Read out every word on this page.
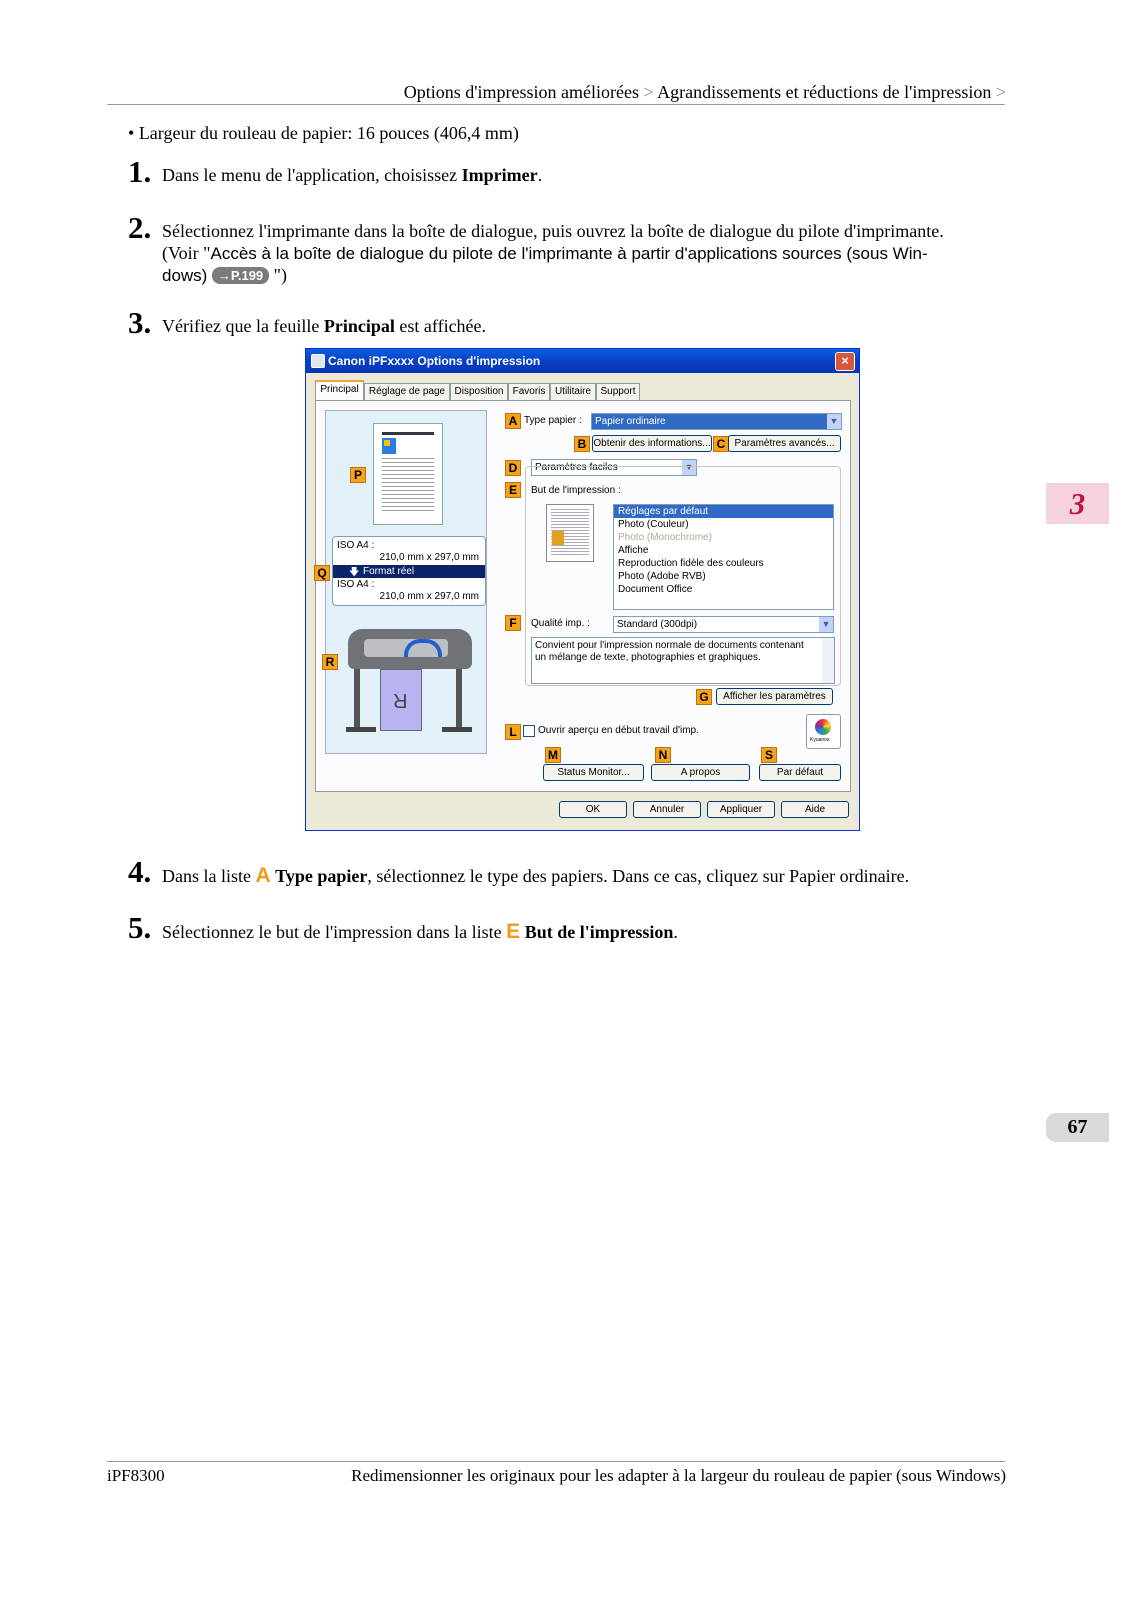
Options d'impression améliorées > Agrandissements et réductions de l'impression >
• Largeur du rouleau de papier: 16 pouces (406,4 mm)
1. Dans le menu de l'application, choisissez Imprimer.
2. Sélectionnez l'imprimante dans la boîte de dialogue, puis ouvrez la boîte de dialogue du pilote d'imprimante.
(Voir "Accès à la boîte de dialogue du pilote de l'imprimante à partir d'applications sources (sous Win-
dows) →P.199 ")
3. Vérifiez que la feuille Principal est affichée.
Canon iPFxxxx Options d'impression	×
Principal	Réglage de page Disposition Favoris Utilitaire Support
P
ISO A4 :
210,0 mm x 297,0 mm
🡇 Format réel
ISO A4 :
210,0 mm x 297,0 mm
Q
R
R
A Type papier :	Papier ordinaire	▼
B Obtenir des informations... C Paramètres avancés...
D	Paramètres faciles	▼
E	But de l'impression :
Réglages par défaut
Photo (Couleur)
Photo (Monochrome)
Affiche
Reproduction fidèle des couleurs
Photo (Adobe RVB)
Document Office
F	Qualité imp. :	Standard (300dpi)	▼
Convient pour l'impression normale de documents contenant un mélange de texte, photographies et graphiques.
G	Afficher les paramètres
L	Ouvrir aperçu en début travail d'imp.
Kyuanos
M	N	S
Status Monitor...	A propos	Par défaut
OK	Annuler	Appliquer	Aide
4. Dans la liste A Type papier, sélectionnez le type des papiers. Dans ce cas, cliquez sur Papier ordinaire.
5. Sélectionnez le but de l'impression dans la liste E But de l'impression.
3
67
iPF8300	Redimensionner les originaux pour les adapter à la largeur du rouleau de papier (sous Windows)
